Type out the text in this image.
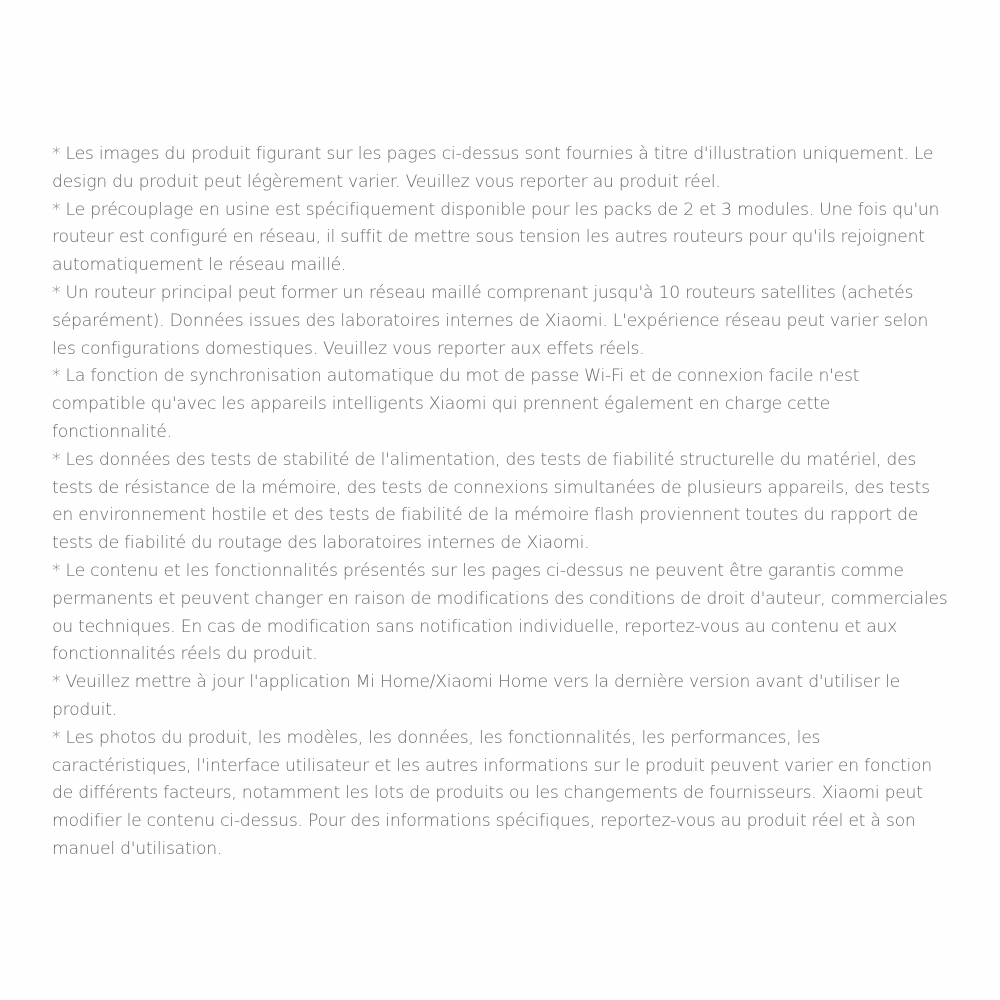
* Les images du produit figurant sur les pages ci-dessus sont fournies à titre d'illustration uniquement. Le design du produit peut légèrement varier. Veuillez vous reporter au produit réel.

* Le précouplage en usine est spécifiquement disponible pour les packs de 2 et 3 modules. Une fois qu'un routeur est configuré en réseau, il suffit de mettre sous tension les autres routeurs pour qu'ils rejoignent automatiquement le réseau maillé.

* Un routeur principal peut former un réseau maillé comprenant jusqu'à 10 routeurs satellites (achetés séparément). Données issues des laboratoires internes de Xiaomi. L'expérience réseau peut varier selon les configurations domestiques. Veuillez vous reporter aux effets réels.

* La fonction de synchronisation automatique du mot de passe Wi-Fi et de connexion facile n'est compatible qu'avec les appareils intelligents Xiaomi qui prennent également en charge cette fonctionnalité.

* Les données des tests de stabilité de l'alimentation, des tests de fiabilité structurelle du matériel, des tests de résistance de la mémoire, des tests de connexions simultanées de plusieurs appareils, des tests en environnement hostile et des tests de fiabilité de la mémoire flash proviennent toutes du rapport de tests de fiabilité du routage des laboratoires internes de Xiaomi.

* Le contenu et les fonctionnalités présentés sur les pages ci-dessus ne peuvent être garantis comme permanents et peuvent changer en raison de modifications des conditions de droit d'auteur, commerciales ou techniques. En cas de modification sans notification individuelle, reportez-vous au contenu et aux fonctionnalités réels du produit.

* Veuillez mettre à jour l'application Mi Home/Xiaomi Home vers la dernière version avant d'utiliser le produit.

* Les photos du produit, les modèles, les données, les fonctionnalités, les performances, les caractéristiques, l'interface utilisateur et les autres informations sur le produit peuvent varier en fonction de différents facteurs, notamment les lots de produits ou les changements de fournisseurs. Xiaomi peut modifier le contenu ci-dessus. Pour des informations spécifiques, reportez-vous au produit réel et à son manuel d'utilisation.
